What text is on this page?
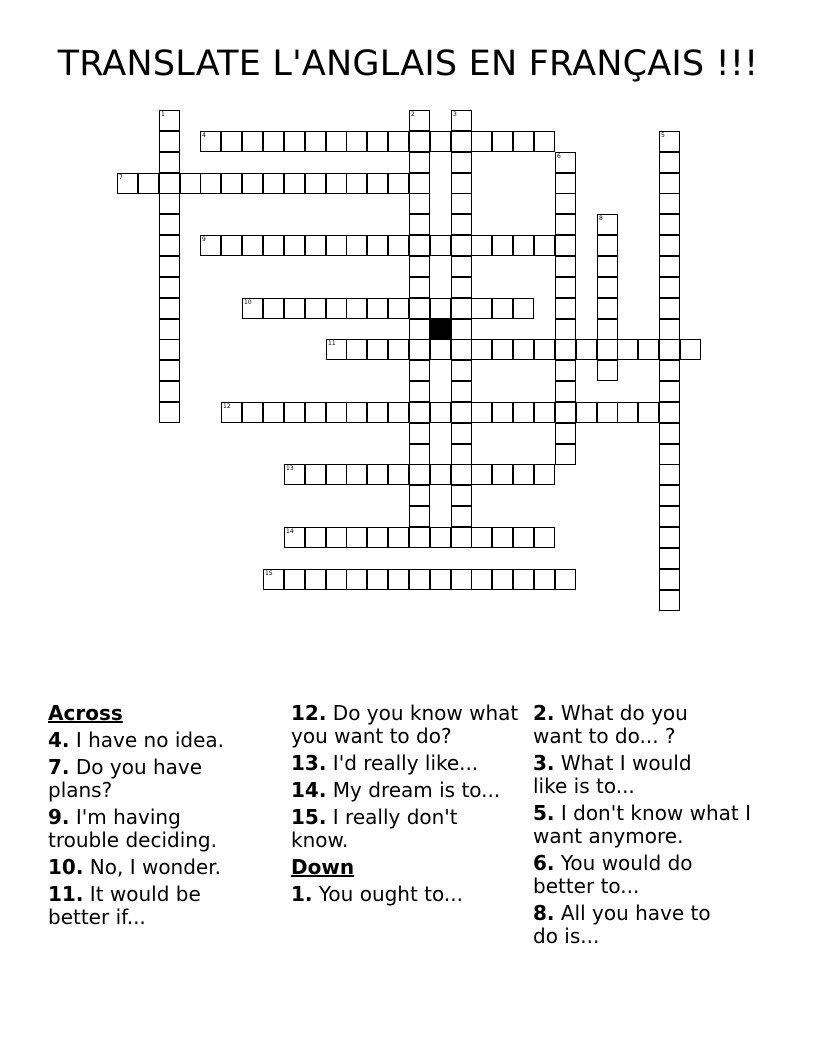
TRANSLATE L'ANGLAIS EN FRANÇAIS !!!
4
7
9
10
11
12
13
14
15
1	2	3
5
6
8
Across
4. I have no idea.
7. Do you have plans?
9. I'm having trouble deciding.
10. No, I wonder.
11. It would be better if...
12. Do you know what you want to do?
13. I'd really like...
14. My dream is to...
15. I really don't know.
Down
1. You ought to...
2. What do you want to do... ?
3. What I would like is to...
5. I don't know what I want anymore.
6. You would do better to...
8. All you have to do is...
